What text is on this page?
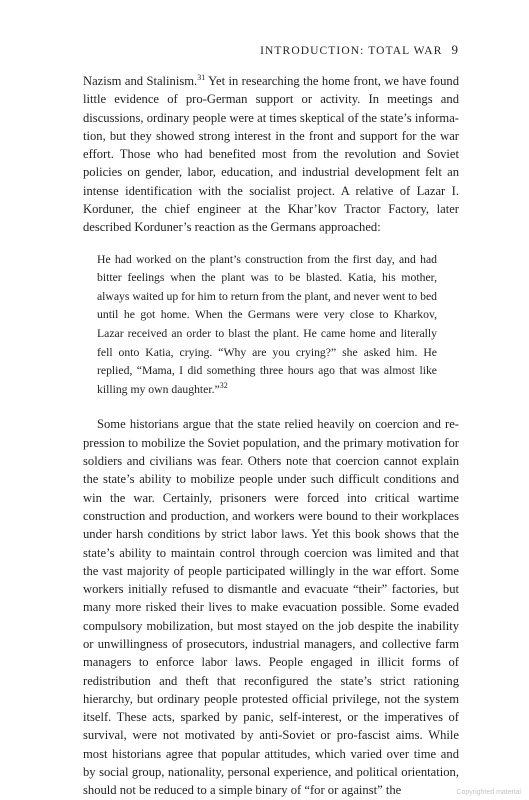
INTRODUCTION: TOTAL WAR 9

Nazism and Stalinism.$^{31}$ Yet in researching the home front, we have found little evidence of pro-German support or activity. In meetings and discussions, ordinary people were at times skeptical of the state’s information, but they showed strong interest in the front and support for the war effort. Those who had benefited most from the revolution and Soviet policies on gender, labor, education, and industrial development felt an intense identification with the socialist project. A relative of Lazar I. Korduner, the chief engineer at the Khar’kov Tractor Factory, later described Korduner’s reaction as the Germans approached:

He had worked on the plant’s construction from the first day, and had bitter feelings when the plant was to be blasted. Katia, his mother, always waited up for him to return from the plant, and never went to bed until he got home. When the Germans were very close to Kharkov, Lazar received an order to blast the plant. He came home and literally fell onto Katia, crying. “Why are you crying?” she asked him. He replied, “Mama, I did something three hours ago that was almost like killing my own daughter.”$^{32}$

Some historians argue that the state relied heavily on coercion and repression to mobilize the Soviet population, and the primary motivation for soldiers and civilians was fear. Others note that coercion cannot explain the state’s ability to mobilize people under such difficult conditions and win the war. Certainly, prisoners were forced into critical wartime construction and production, and workers were bound to their workplaces under harsh conditions by strict labor laws. Yet this book shows that the state’s ability to maintain control through coercion was limited and that the vast majority of people participated willingly in the war effort. Some workers initially refused to dismantle and evacuate “their” factories, but many more risked their lives to make evacuation possible. Some evaded compulsory mobilization, but most stayed on the job despite the inability or unwillingness of prosecutors, industrial managers, and collective farm managers to enforce labor laws. People engaged in illicit forms of redistribution and theft that reconfigured the state’s strict rationing hierarchy, but ordinary people protested official privilege, not the system itself. These acts, sparked by panic, self-interest, or the imperatives of survival, were not motivated by anti-Soviet or pro-fascist aims. While most historians agree that popular attitudes, which varied over time and by social group, nationality, personal experience, and political orientation, should not be reduced to a simple binary of “for or against” the	Copyrighted material
